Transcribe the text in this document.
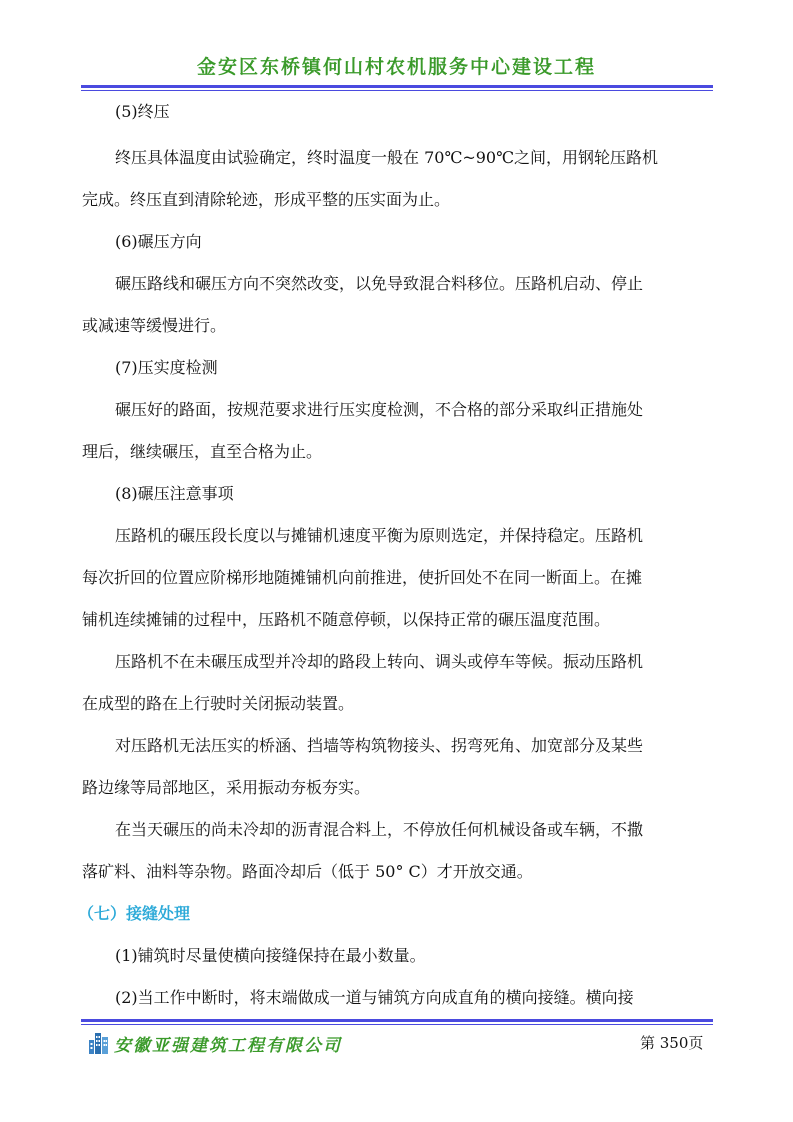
金安区东桥镇何山村农机服务中心建设工程
(5)终压
终压具体温度由试验确定，终时温度一般在 70℃~90℃之间，用钢轮压路机
完成。终压直到清除轮迹，形成平整的压实面为止。
(6)碾压方向
碾压路线和碾压方向不突然改变，以免导致混合料移位。压路机启动、停止
或减速等缓慢进行。
(7)压实度检测
碾压好的路面，按规范要求进行压实度检测，不合格的部分采取纠正措施处
理后，继续碾压，直至合格为止。
(8)碾压注意事项
压路机的碾压段长度以与摊铺机速度平衡为原则选定，并保持稳定。压路机
每次折回的位置应阶梯形地随摊铺机向前推进，使折回处不在同一断面上。在摊
铺机连续摊铺的过程中，压路机不随意停顿，以保持正常的碾压温度范围。
压路机不在未碾压成型并冷却的路段上转向、调头或停车等候。振动压路机
在成型的路在上行驶时关闭振动装置。
对压路机无法压实的桥涵、挡墙等构筑物接头、拐弯死角、加宽部分及某些
路边缘等局部地区，采用振动夯板夯实。
在当天碾压的尚未冷却的沥青混合料上，不停放任何机械设备或车辆，不撒
落矿料、油料等杂物。路面冷却后（低于 50° C）才开放交通。
（七）接缝处理
(1)铺筑时尽量使横向接缝保持在最小数量。
(2)当工作中断时，将末端做成一道与铺筑方向成直角的横向接缝。横向接
安徽亚强建筑工程有限公司	第 350页
